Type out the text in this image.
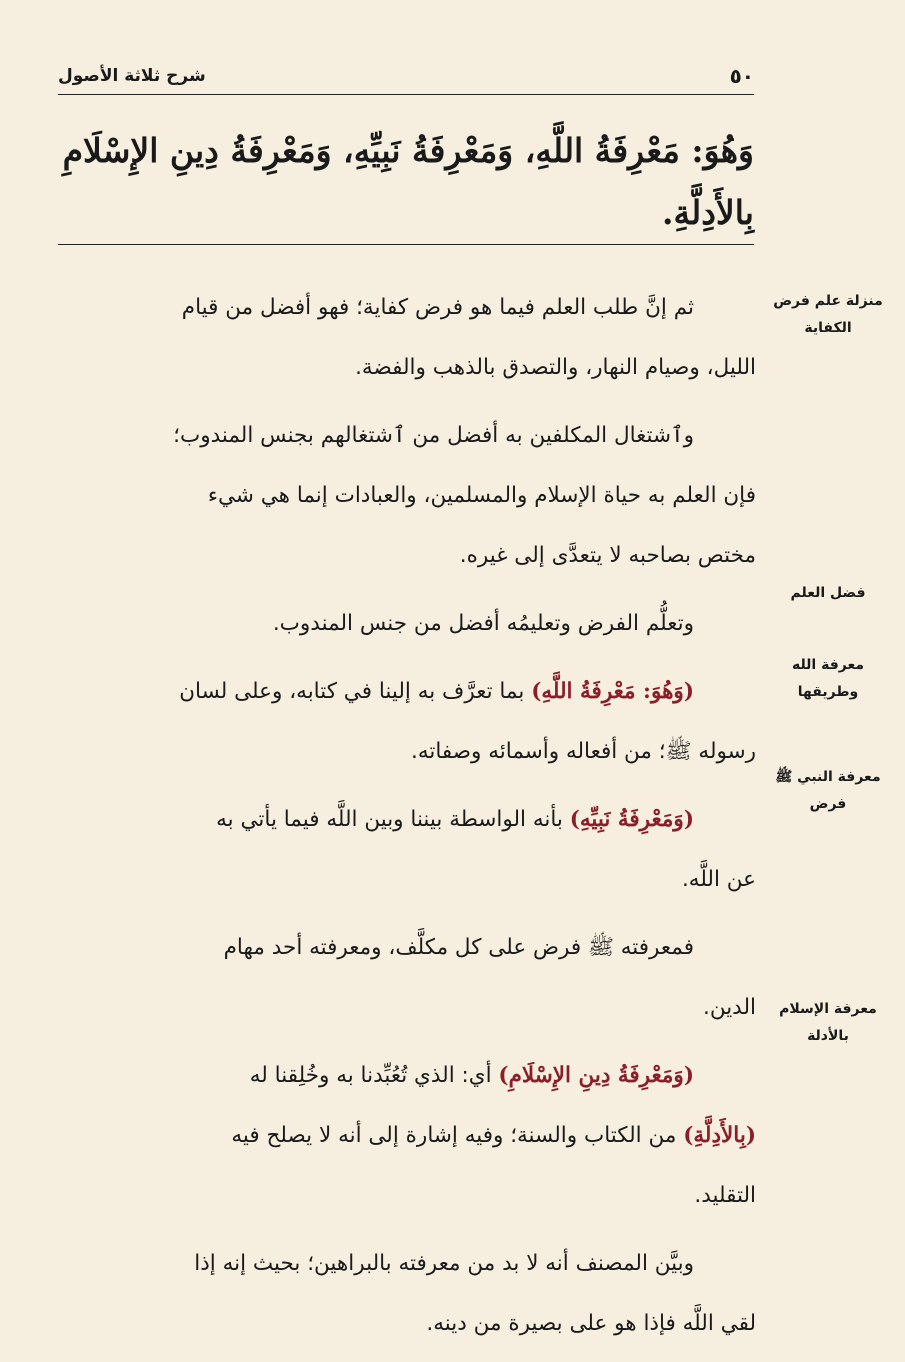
٥٠
شرح ثلاثة الأصول
وَهُوَ: مَعْرِفَةُ اللَّهِ، وَمَعْرِفَةُ نَبِيِّهِ، وَمَعْرِفَةُ دِينِ الإِسْلَامِ
بِالأَدِلَّةِ.
منزلة علم فرض الكفاية
فضل العلم
معرفة الله وطريقها
معرفة النبي ﷺ فرض
معرفة الإسلام بالأدلة
ثم إنَّ طلب العلم فيما هو فرض كفاية؛ فهو أفضل من قيام
الليل، وصيام النهار، والتصدق بالذهب والفضة.
وٱشتغال المكلفين به أفضل من ٱشتغالهم بجنس المندوب؛
فإن العلم به حياة الإسلام والمسلمين، والعبادات إنما هي شيء
مختص بصاحبه لا يتعدَّى إلى غيره.
وتعلُّم الفرض وتعليمُه أفضل من جنس المندوب.
(وَهُوَ: مَعْرِفَةُ اللَّهِ) بما تعرَّف به إلينا في كتابه، وعلى لسان
رسوله ﷺ؛ من أفعاله وأسمائه وصفاته.
(وَمَعْرِفَةُ نَبِيِّهِ) بأنه الواسطة بيننا وبين اللَّه فيما يأتي به
عن اللَّه.
فمعرفته ﷺ فرض على كل مكلَّف، ومعرفته أحد مهام
الدين.
(وَمَعْرِفَةُ دِينِ الإِسْلَامِ) أي: الذي تُعُبِّدنا به وخُلِقنا له
(بِالأَدِلَّةِ) من الكتاب والسنة؛ وفيه إشارة إلى أنه لا يصلح فيه
التقليد.
وبيَّن المصنف أنه لا بد من معرفته بالبراهين؛ بحيث إنه إذا
لقي اللَّه فإذا هو على بصيرة من دينه.
